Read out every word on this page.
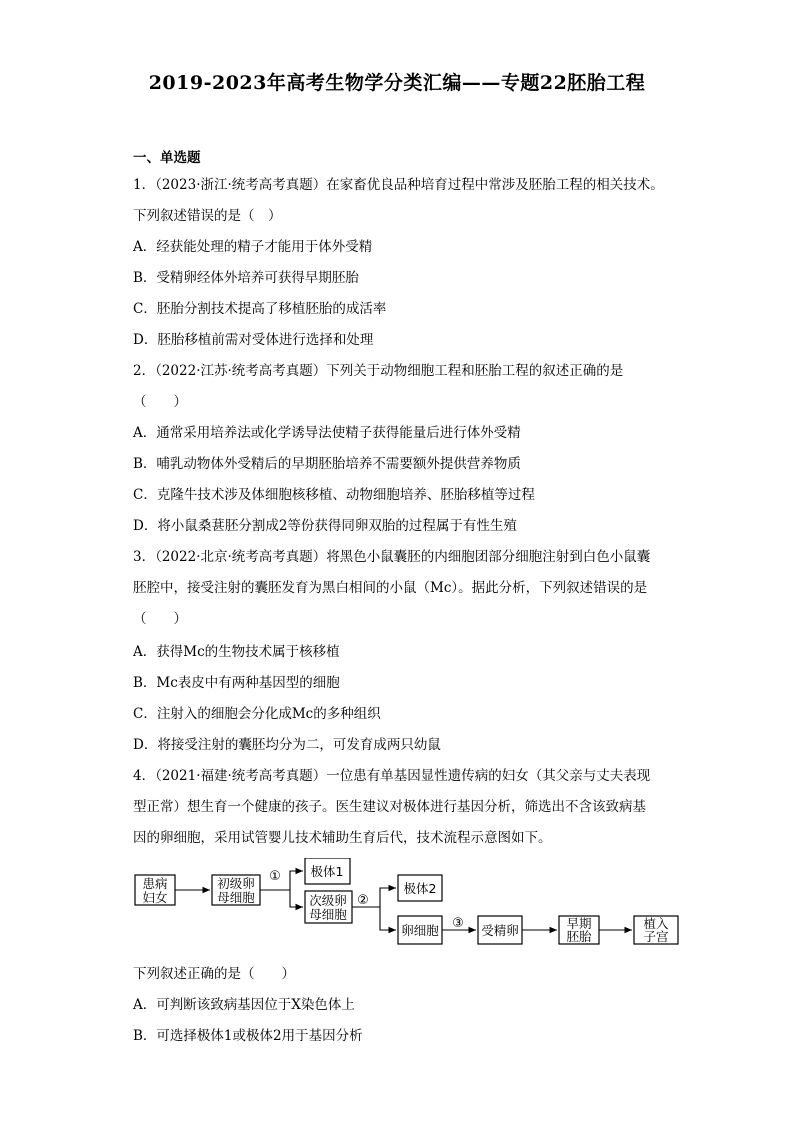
2019-2023年高考生物学分类汇编——专题22胚胎工程
一、单选题
1．（2023·浙江·统考高考真题）在家畜优良品种培育过程中常涉及胚胎工程的相关技术。
下列叙述错误的是（　）
A．经获能处理的精子才能用于体外受精
B．受精卵经体外培养可获得早期胚胎
C．胚胎分割技术提高了移植胚胎的成活率
D．胚胎移植前需对受体进行选择和处理
2．（2022·江苏·统考高考真题）下列关于动物细胞工程和胚胎工程的叙述正确的是
（　　）
A．通常采用培养法或化学诱导法使精子获得能量后进行体外受精
B．哺乳动物体外受精后的早期胚胎培养不需要额外提供营养物质
C．克隆牛技术涉及体细胞核移植、动物细胞培养、胚胎移植等过程
D．将小鼠桑葚胚分割成2等份获得同卵双胎的过程属于有性生殖
3．（2022·北京·统考高考真题）将黑色小鼠囊胚的内细胞团部分细胞注射到白色小鼠囊
胚腔中，接受注射的囊胚发育为黑白相间的小鼠（Mc）。据此分析，下列叙述错误的是
（　　）
A．获得Mc的生物技术属于核移植
B．Mc表皮中有两种基因型的细胞
C．注射入的细胞会分化成Mc的多种组织
D．将接受注射的囊胚均分为二，可发育成两只幼鼠
4．（2021·福建·统考高考真题）一位患有单基因显性遗传病的妇女（其父亲与丈夫表现
型正常）想生育一个健康的孩子。医生建议对极体进行基因分析，筛选出不含该致病基
因的卵细胞，采用试管婴儿技术辅助生育后代，技术流程示意图如下。
患病
妇女
初级卵
母细胞
极体1
次级卵
母细胞
极体2
卵细胞	受精卵	早期
胚胎
植入
子宫
①
②
③
下列叙述正确的是（　　）
A．可判断该致病基因位于X染色体上
B．可选择极体1或极体2用于基因分析
